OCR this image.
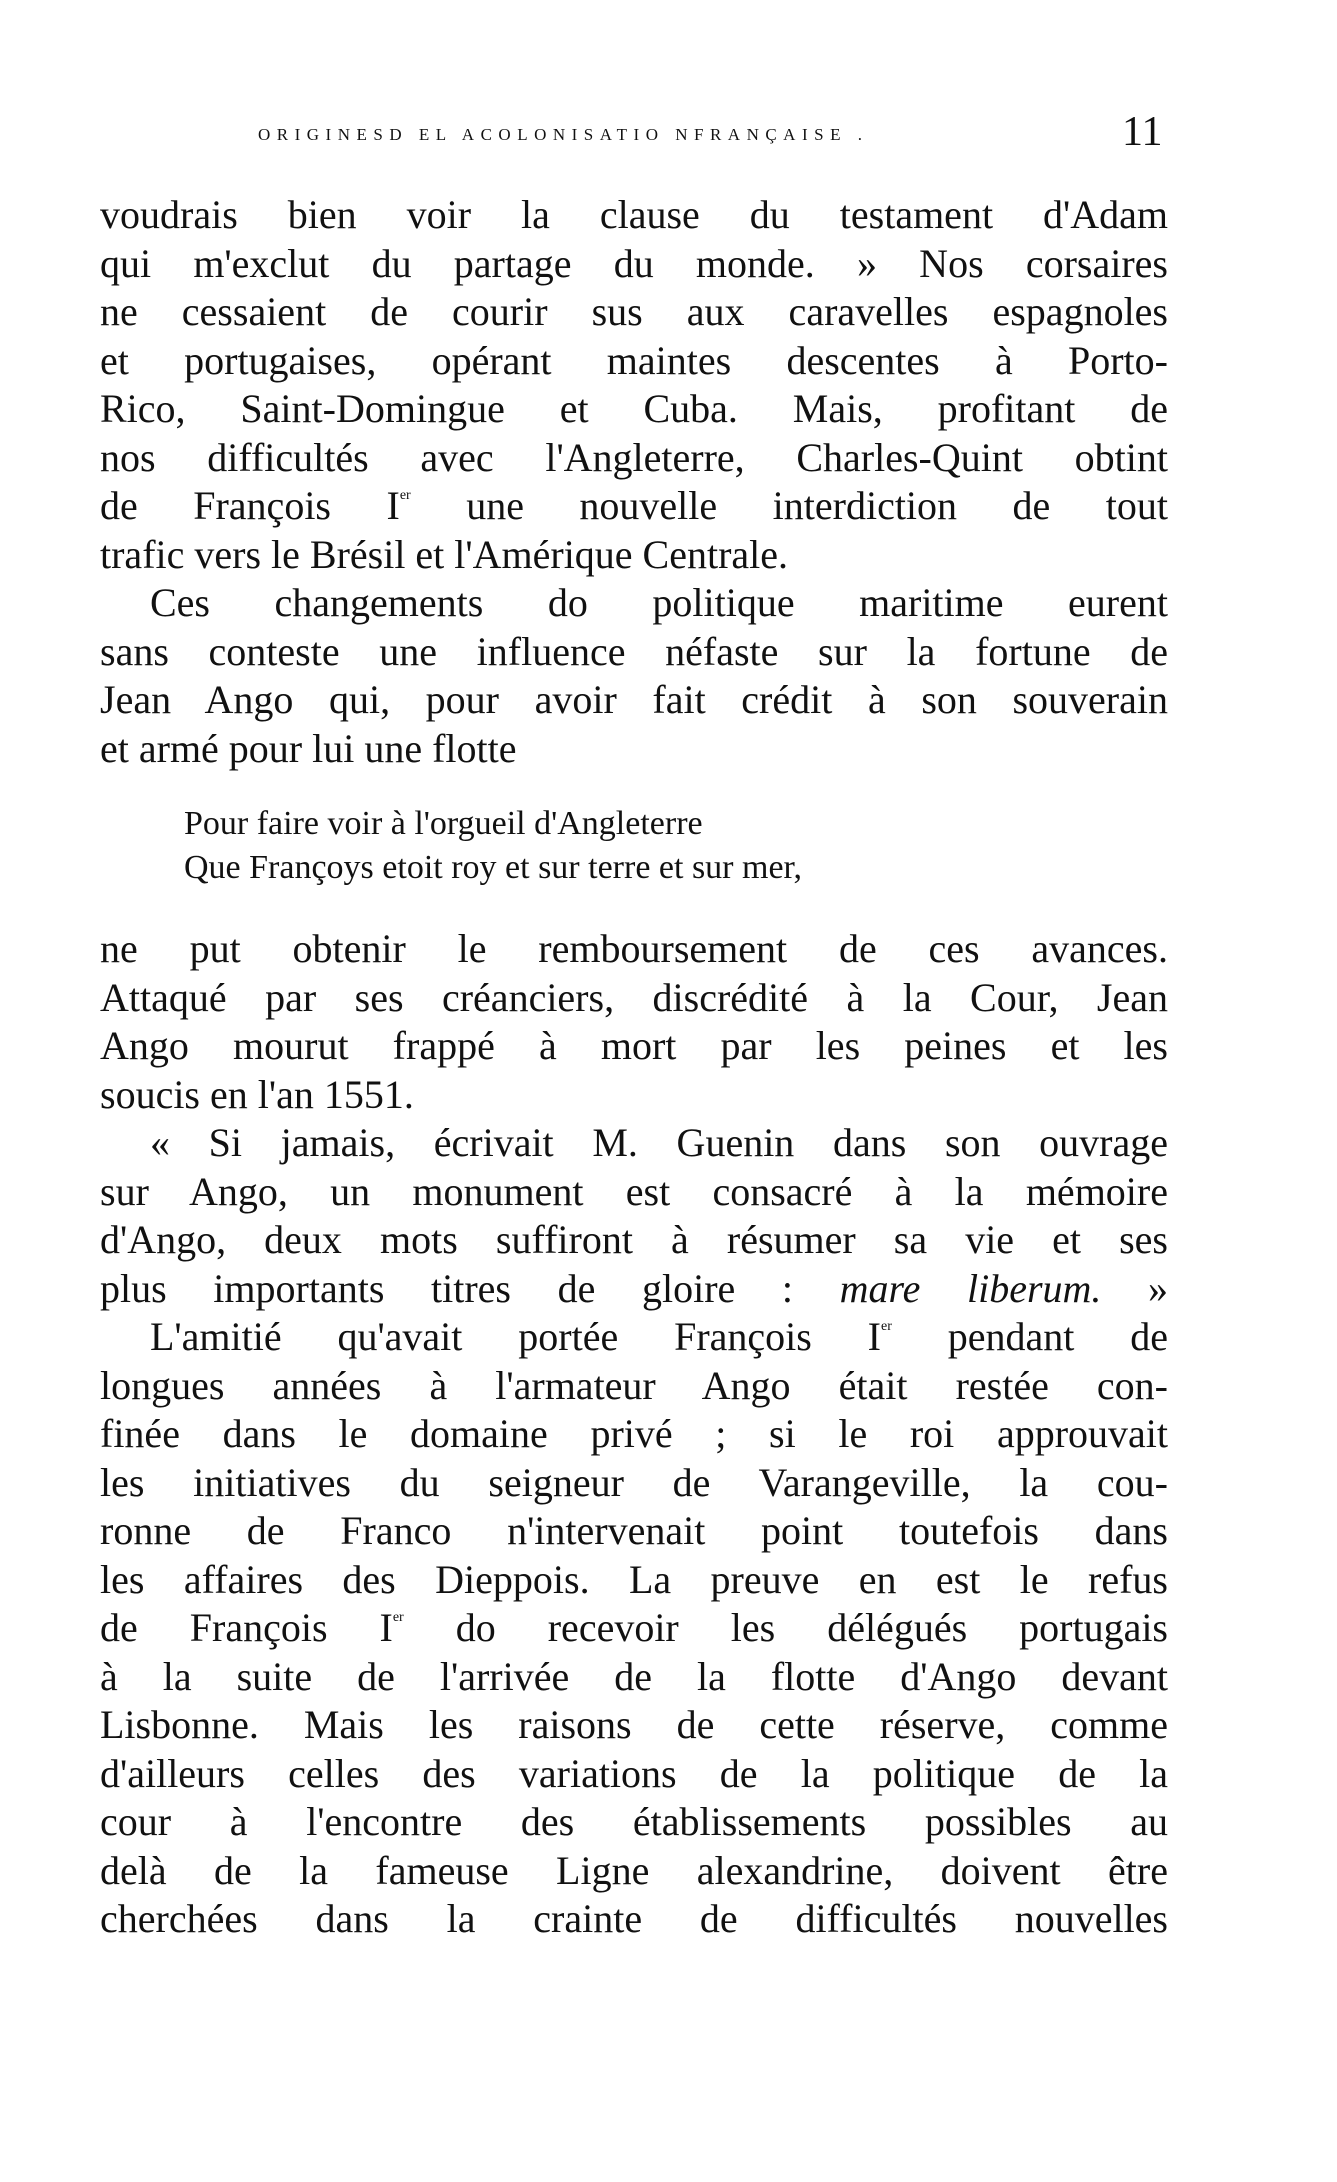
ORIGINESD EL ACOLONISATIO NFRANÇAISE .	11
voudrais bien voir la clause du testament d'Adam
qui m'exclut du partage du monde. » Nos corsaires
ne cessaient de courir sus aux caravelles espagnoles
et portugaises, opérant maintes descentes à Porto-
Rico, Saint-Domingue et Cuba. Mais, profitant de
nos difficultés avec l'Angleterre, Charles-Quint obtint
de François Ier une nouvelle interdiction de tout
trafic vers le Brésil et l'Amérique Centrale.
Ces changements do politique maritime eurent
sans conteste une influence néfaste sur la fortune de
Jean Ango qui, pour avoir fait crédit à son souverain
et armé pour lui une flotte
Pour faire voir à l'orgueil d'Angleterre
Que Françoys etoit roy et sur terre et sur mer,
ne put obtenir le remboursement de ces avances.
Attaqué par ses créanciers, discrédité à la Cour, Jean
Ango mourut frappé à mort par les peines et les
soucis en l'an 1551.
« Si jamais, écrivait M. Guenin dans son ouvrage
sur Ango, un monument est consacré à la mémoire
d'Ango, deux mots suffiront à résumer sa vie et ses
plus importants titres de gloire : mare liberum. »
L'amitié qu'avait portée François Ier pendant de
longues années à l'armateur Ango était restée con-
finée dans le domaine privé ; si le roi approuvait
les initiatives du seigneur de Varangeville, la cou-
ronne de Franco n'intervenait point toutefois dans
les affaires des Dieppois. La preuve en est le refus
de François Ier do recevoir les délégués portugais
à la suite de l'arrivée de la flotte d'Ango devant
Lisbonne. Mais les raisons de cette réserve, comme
d'ailleurs celles des variations de la politique de la
cour à l'encontre des établissements possibles au
delà de la fameuse Ligne alexandrine, doivent être
cherchées dans la crainte de difficultés nouvelles
